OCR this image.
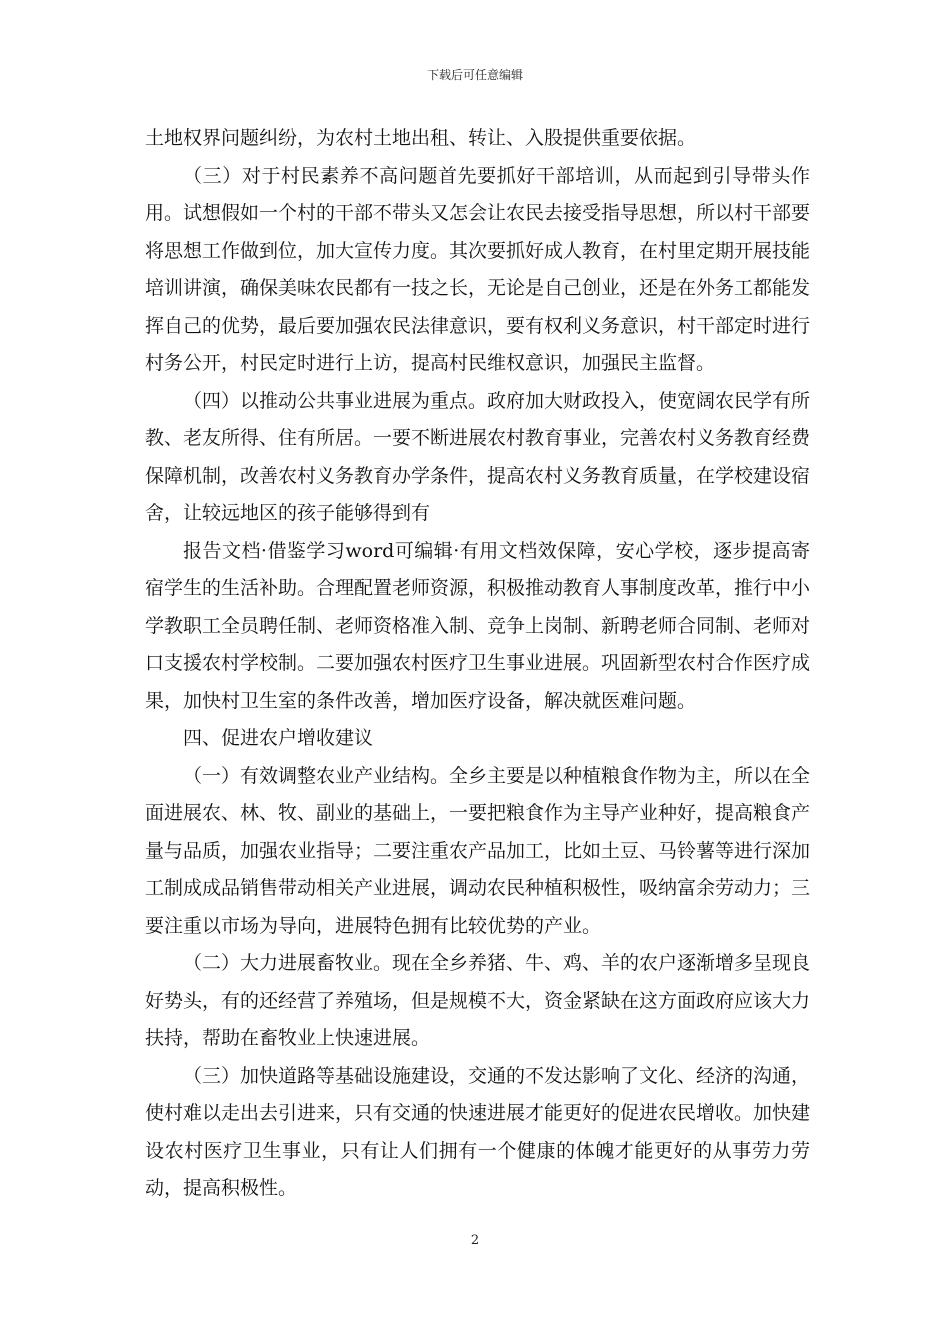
下载后可任意编辑

土地权界问题纠纷，为农村土地出租、转让、入股提供重要依据。

（三）对于村民素养不高问题首先要抓好干部培训，从而起到引导带头作用。试想假如一个村的干部不带头又怎会让农民去接受指导思想，所以村干部要将思想工作做到位，加大宣传力度。其次要抓好成人教育，在村里定期开展技能培训讲演，确保美味农民都有一技之长，无论是自己创业，还是在外务工都能发挥自己的优势，最后要加强农民法律意识，要有权利义务意识，村干部定时进行村务公开，村民定时进行上访，提高村民维权意识，加强民主监督。

（四）以推动公共事业进展为重点。政府加大财政投入，使宽阔农民学有所教、老友所得、住有所居。一要不断进展农村教育事业，完善农村义务教育经费保障机制，改善农村义务教育办学条件，提高农村义务教育质量，在学校建设宿舍，让较远地区的孩子能够得到有

报告文档·借鉴学习word可编辑·有用文档效保障，安心学校，逐步提高寄宿学生的生活补助。合理配置老师资源，积极推动教育人事制度改革，推行中小学教职工全员聘任制、老师资格准入制、竞争上岗制、新聘老师合同制、老师对口支援农村学校制。二要加强农村医疗卫生事业进展。巩固新型农村合作医疗成果，加快村卫生室的条件改善，增加医疗设备，解决就医难问题。

四、促进农户增收建议

（一）有效调整农业产业结构。全乡主要是以种植粮食作物为主，所以在全面进展农、林、牧、副业的基础上，一要把粮食作为主导产业种好，提高粮食产量与品质，加强农业指导；二要注重农产品加工，比如土豆、马铃薯等进行深加工制成成品销售带动相关产业进展，调动农民种植积极性，吸纳富余劳动力；三要注重以市场为导向，进展特色拥有比较优势的产业。

（二）大力进展畜牧业。现在全乡养猪、牛、鸡、羊的农户逐渐增多呈现良好势头，有的还经营了养殖场，但是规模不大，资金紧缺在这方面政府应该大力扶持，帮助在畜牧业上快速进展。

（三）加快道路等基础设施建设，交通的不发达影响了文化、经济的沟通，使村难以走出去引进来，只有交通的快速进展才能更好的促进农民增收。加快建设农村医疗卫生事业，只有让人们拥有一个健康的体魄才能更好的从事劳力劳动，提高积极性。

2
